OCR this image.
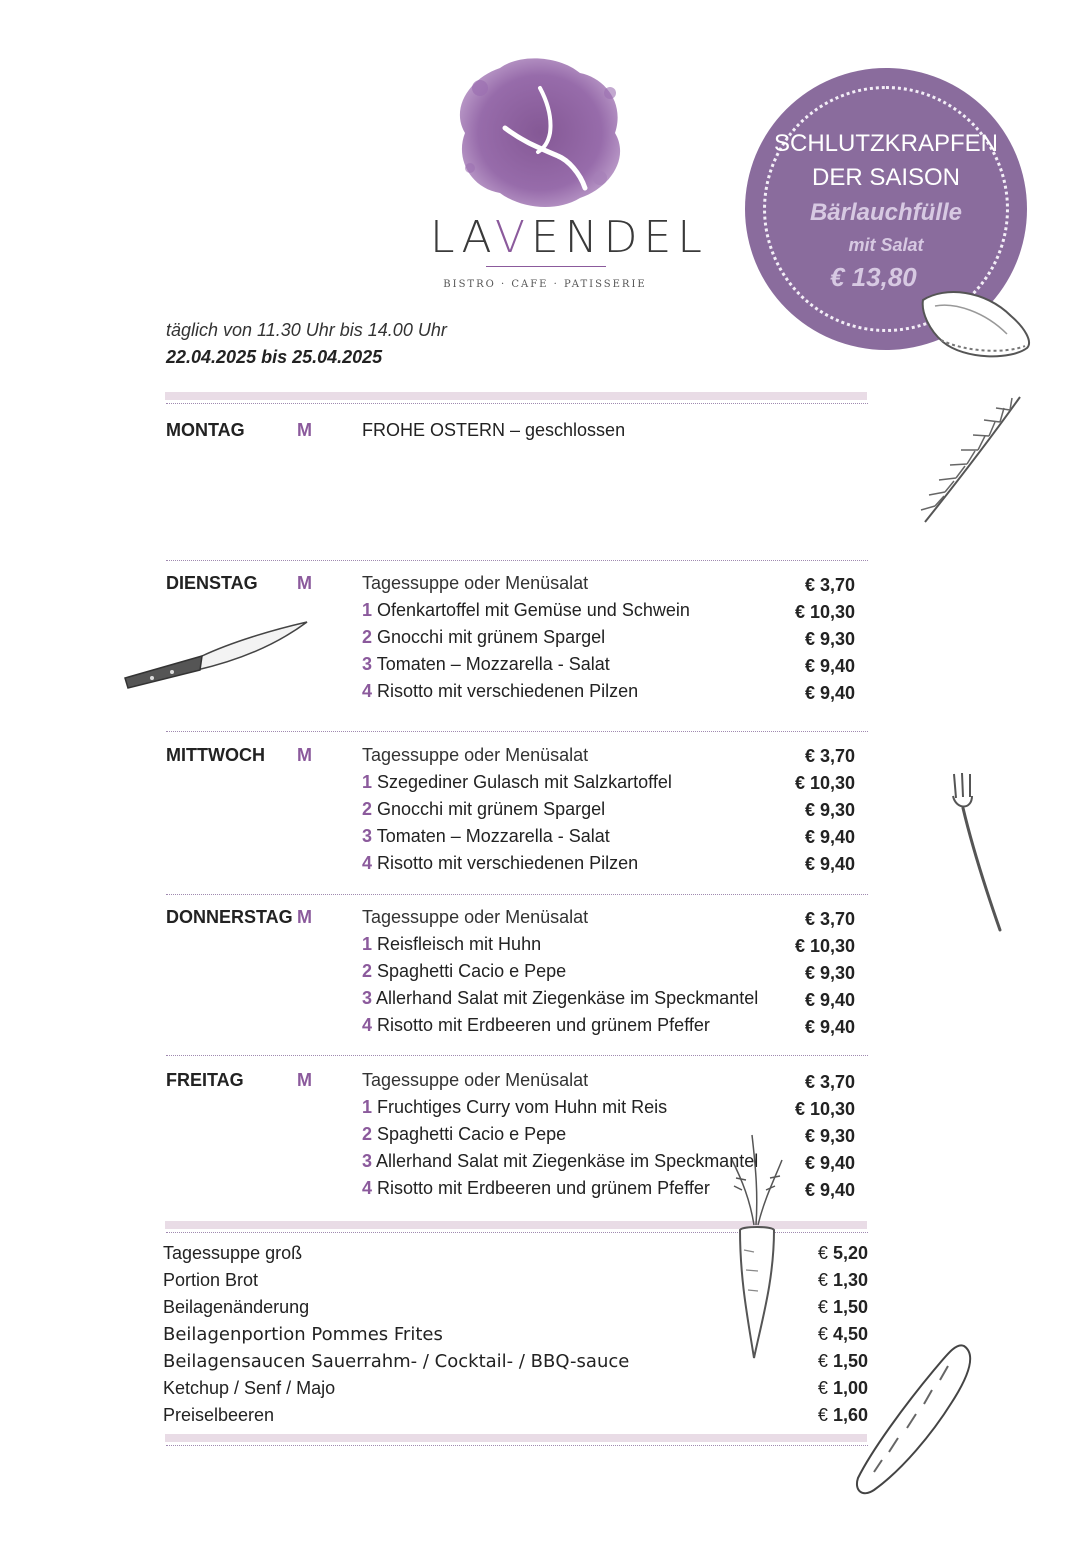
LAVENDEL
BISTRO · CAFE · PATISSERIE
SCHLUTZKRAPFEN
DER SAISON
Bärlauchfülle
mit Salat
€ 13,80
täglich von 11.30 Uhr bis 14.00 Uhr
22.04.2025 bis 25.04.2025
MONTAG	M	FROHE OSTERN – geschlossen
DIENSTAG M	Tagessuppe oder Menüsalat	€ 3,70
1 Ofenkartoffel mit Gemüse und Schwein	€ 10,30
2 Gnocchi mit grünem Spargel	€ 9,30
3 Tomaten – Mozzarella - Salat	€ 9,40
4 Risotto mit verschiedenen Pilzen	€ 9,40
MITTWOCH M	Tagessuppe oder Menüsalat	€ 3,70
1 Szegediner Gulasch mit Salzkartoffel	€ 10,30
2 Gnocchi mit grünem Spargel	€ 9,30
3 Tomaten – Mozzarella - Salat	€ 9,40
4 Risotto mit verschiedenen Pilzen	€ 9,40
DONNERSTAG M	Tagessuppe oder Menüsalat	€ 3,70
1 Reisfleisch mit Huhn	€ 10,30
2 Spaghetti Cacio e Pepe	€ 9,30
3 Allerhand Salat mit Ziegenkäse im Speckmantel	€ 9,40
4 Risotto mit Erdbeeren und grünem Pfeffer	€ 9,40
FREITAG	M	Tagessuppe oder Menüsalat	€ 3,70
1 Fruchtiges Curry vom Huhn mit Reis	€ 10,30
2 Spaghetti Cacio e Pepe	€ 9,30
3 Allerhand Salat mit Ziegenkäse im Speckmantel	€ 9,40
4 Risotto mit Erdbeeren und grünem Pfeffer	€ 9,40
Tagessuppe groß	€ 5,20
Portion Brot	€ 1,30
Beilagenänderung	€ 1,50
Beilagenportion Pommes Frites	€ 4,50
Beilagensaucen Sauerrahm- / Cocktail- / BBQ-sauce	€ 1,50
Ketchup / Senf / Majo	€ 1,00
Preiselbeeren	€ 1,60
